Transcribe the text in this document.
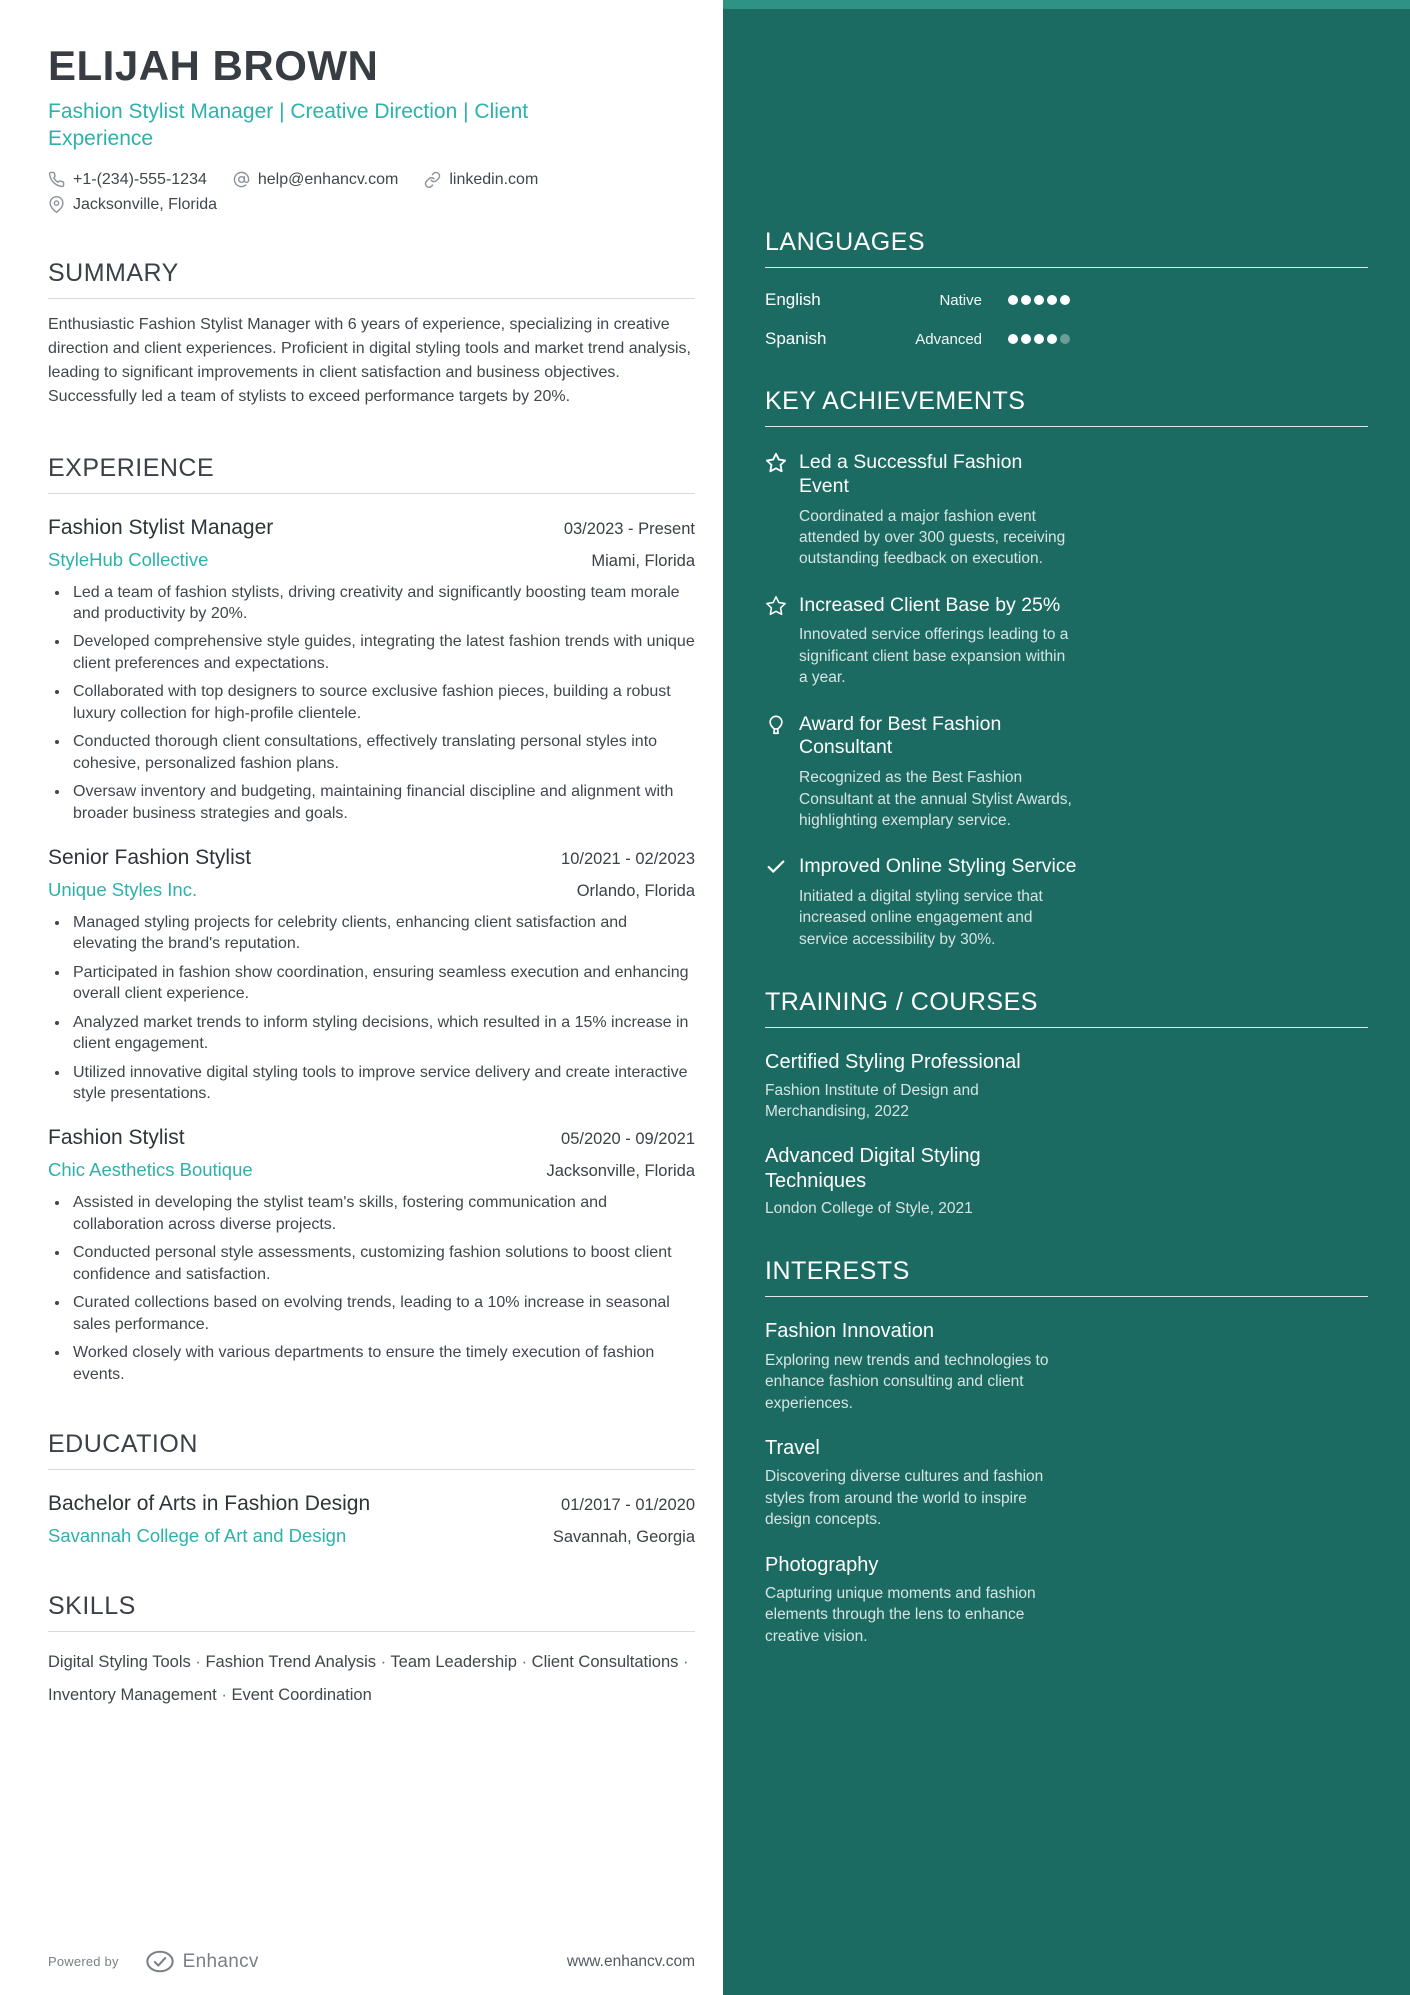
LANGUAGES
English	Native
Spanish	Advanced
KEY ACHIEVEMENTS
Led a Successful Fashion Event

Coordinated a major fashion event attended by over 300 guests, receiving outstanding feedback on execution.

Increased Client Base by 25%

Innovated service offerings leading to a significant client base expansion within a year.

Award for Best Fashion Consultant

Recognized as the Best Fashion Consultant at the annual Stylist Awards, highlighting exemplary service.

Improved Online Styling Service

Initiated a digital styling service that increased online engagement and service accessibility by 30%.

TRAINING / COURSES
Certified Styling Professional

Fashion Institute of Design and Merchandising, 2022

Advanced Digital Styling Techniques

London College of Style, 2021

INTERESTS
Fashion Innovation

Exploring new trends and technologies to enhance fashion consulting and client experiences.

Travel

Discovering diverse cultures and fashion styles from around the world to inspire design concepts.

Photography

Capturing unique moments and fashion elements through the lens to enhance creative vision.

ELIJAH BROWN
Fashion Stylist Manager | Creative Direction | Client Experience
+1-(234)-555-1234	help@enhancv.com	linkedin.com
Jacksonville, Florida
SUMMARY

Enthusiastic Fashion Stylist Manager with 6 years of experience, specializing in creative direction and client experiences. Proficient in digital styling tools and market trend analysis, leading to significant improvements in client satisfaction and business objectives. Successfully led a team of stylists to exceed performance targets by 20%.

EXPERIENCE
Fashion Stylist Manager	03/2023 - Present
StyleHub Collective	Miami, Florida
• Led a team of fashion stylists, driving creativity and significantly boosting team morale and productivity by 20%.
• Developed comprehensive style guides, integrating the latest fashion trends with unique client preferences and expectations.
• Collaborated with top designers to source exclusive fashion pieces, building a robust luxury collection for high-profile clientele.
• Conducted thorough client consultations, effectively translating personal styles into cohesive, personalized fashion plans.
• Oversaw inventory and budgeting, maintaining financial discipline and alignment with broader business strategies and goals.
Senior Fashion Stylist	10/2021 - 02/2023
Unique Styles Inc.	Orlando, Florida
• Managed styling projects for celebrity clients, enhancing client satisfaction and elevating the brand's reputation.
• Participated in fashion show coordination, ensuring seamless execution and enhancing overall client experience.
• Analyzed market trends to inform styling decisions, which resulted in a 15% increase in client engagement.
• Utilized innovative digital styling tools to improve service delivery and create interactive style presentations.
Fashion Stylist	05/2020 - 09/2021
Chic Aesthetics Boutique	Jacksonville, Florida
• Assisted in developing the stylist team's skills, fostering communication and collaboration across diverse projects.
• Conducted personal style assessments, customizing fashion solutions to boost client confidence and satisfaction.
• Curated collections based on evolving trends, leading to a 10% increase in seasonal sales performance.
• Worked closely with various departments to ensure the timely execution of fashion events.
EDUCATION
Bachelor of Arts in Fashion Design	01/2017 - 01/2020
Savannah College of Art and Design	Savannah, Georgia
SKILLS

Digital Styling Tools · Fashion Trend Analysis · Team Leadership · Client Consultations · Inventory Management · Event Coordination

Powered by	Enhancv	www.enhancv.com
